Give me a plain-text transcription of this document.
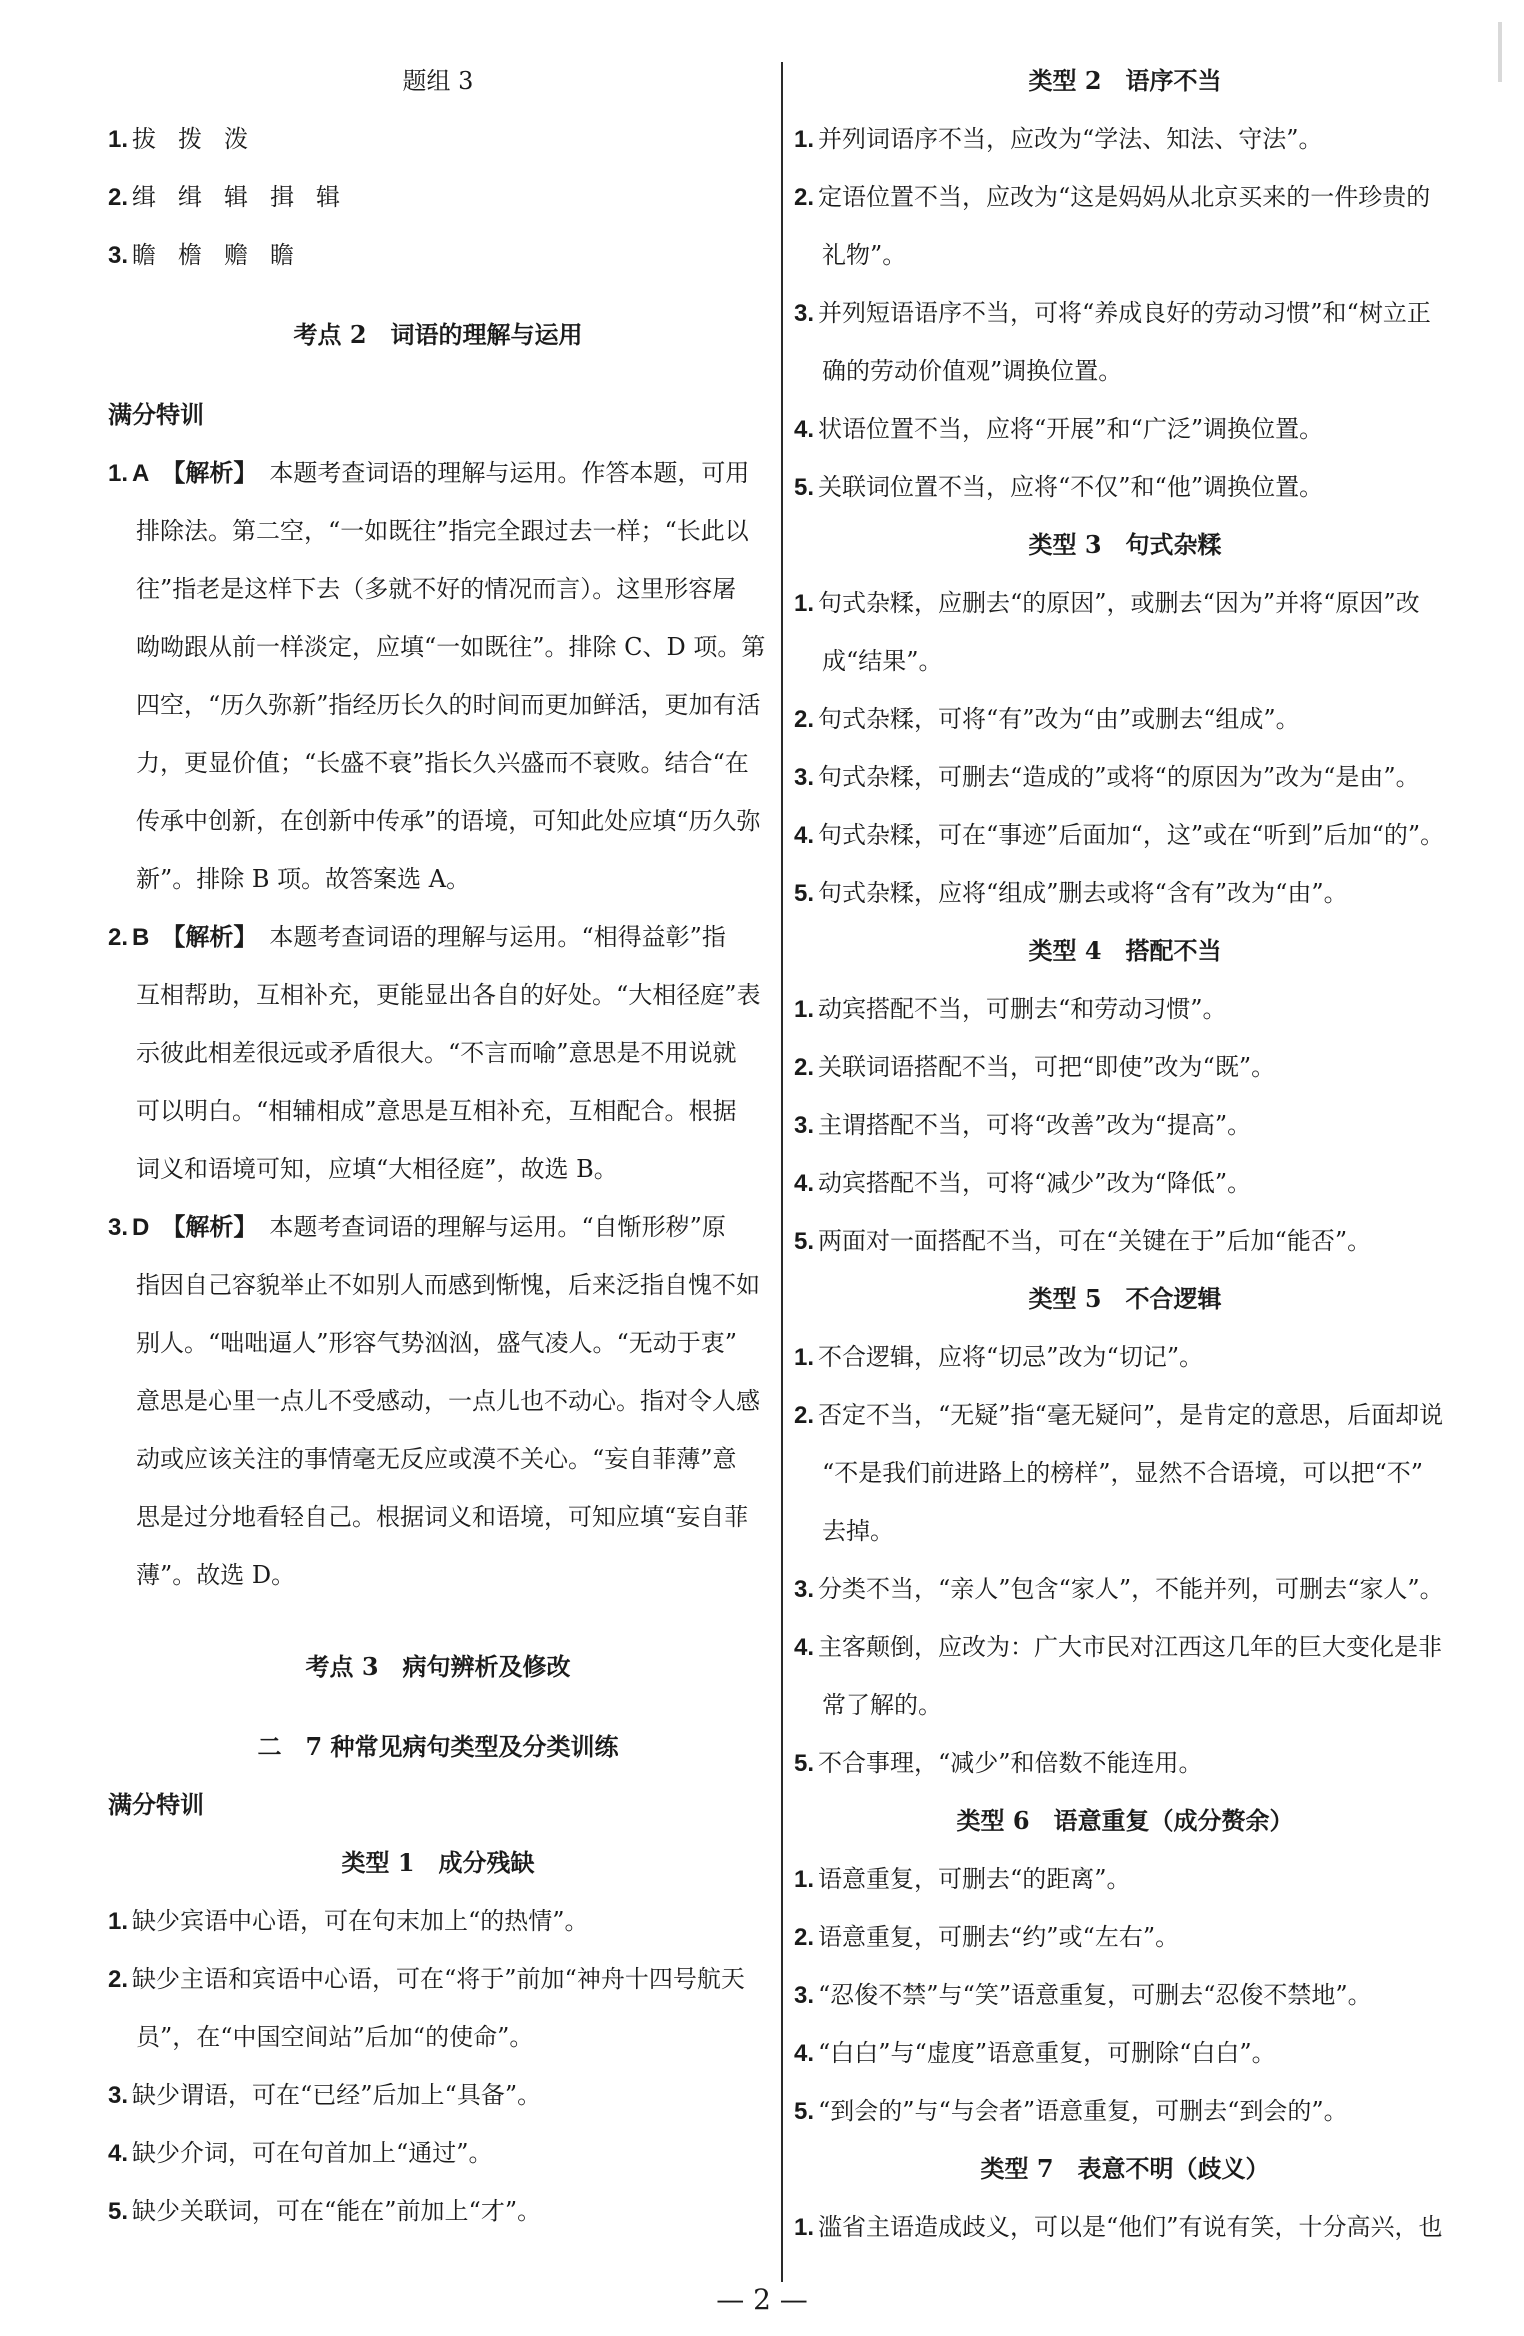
题组 3
1. 拔 拨 泼
2. 缉 缉 辑 揖 辑
3. 瞻 檐 赡 瞻
考点 2　词语的理解与运用
满分特训
1. A 【解析】 本题考查词语的理解与运用。作答本题，可用
排除法。第二空，“一如既往”指完全跟过去一样；“长此以
往”指老是这样下去（多就不好的情况而言）。这里形容屠
呦呦跟从前一样淡定，应填“一如既往”。排除 C、D 项。第
四空，“历久弥新”指经历长久的时间而更加鲜活，更加有活
力，更显价值；“长盛不衰”指长久兴盛而不衰败。结合“在
传承中创新，在创新中传承”的语境，可知此处应填“历久弥
新”。排除 B 项。故答案选 A。
2. B 【解析】 本题考查词语的理解与运用。“相得益彰”指
互相帮助，互相补充，更能显出各自的好处。“大相径庭”表
示彼此相差很远或矛盾很大。“不言而喻”意思是不用说就
可以明白。“相辅相成”意思是互相补充，互相配合。根据
词义和语境可知，应填“大相径庭”，故选 B。
3. D 【解析】 本题考查词语的理解与运用。“自惭形秽”原
指因自己容貌举止不如别人而感到惭愧，后来泛指自愧不如
别人。“咄咄逼人”形容气势汹汹，盛气凌人。“无动于衷”
意思是心里一点儿不受感动，一点儿也不动心。指对令人感
动或应该关注的事情毫无反应或漠不关心。“妄自菲薄”意
思是过分地看轻自己。根据词义和语境，可知应填“妄自菲
薄”。故选 D。
考点 3　病句辨析及修改
二　7 种常见病句类型及分类训练
满分特训
类型 1　成分残缺
1. 缺少宾语中心语，可在句末加上“的热情”。
2. 缺少主语和宾语中心语，可在“将于”前加“神舟十四号航天
员”，在“中国空间站”后加“的使命”。
3. 缺少谓语，可在“已经”后加上“具备”。
4. 缺少介词，可在句首加上“通过”。
5. 缺少关联词，可在“能在”前加上“才”。
类型 2　语序不当
1. 并列词语序不当，应改为“学法、知法、守法”。
2. 定语位置不当，应改为“这是妈妈从北京买来的一件珍贵的
礼物”。
3. 并列短语语序不当，可将“养成良好的劳动习惯”和“树立正
确的劳动价值观”调换位置。
4. 状语位置不当，应将“开展”和“广泛”调换位置。
5. 关联词位置不当，应将“不仅”和“他”调换位置。
类型 3　句式杂糅
1. 句式杂糅，应删去“的原因”，或删去“因为”并将“原因”改
成“结果”。
2. 句式杂糅，可将“有”改为“由”或删去“组成”。
3. 句式杂糅，可删去“造成的”或将“的原因为”改为“是由”。
4. 句式杂糅，可在“事迹”后面加“，这”或在“听到”后加“的”。
5. 句式杂糅，应将“组成”删去或将“含有”改为“由”。
类型 4　搭配不当
1. 动宾搭配不当，可删去“和劳动习惯”。
2. 关联词语搭配不当，可把“即使”改为“既”。
3. 主谓搭配不当，可将“改善”改为“提高”。
4. 动宾搭配不当，可将“减少”改为“降低”。
5. 两面对一面搭配不当，可在“关键在于”后加“能否”。
类型 5　不合逻辑
1. 不合逻辑，应将“切忌”改为“切记”。
2. 否定不当，“无疑”指“毫无疑问”，是肯定的意思，后面却说
“不是我们前进路上的榜样”，显然不合语境，可以把“不”
去掉。
3. 分类不当，“亲人”包含“家人”，不能并列，可删去“家人”。
4. 主客颠倒，应改为：广大市民对江西这几年的巨大变化是非
常了解的。
5. 不合事理，“减少”和倍数不能连用。
类型 6　语意重复（成分赘余）
1. 语意重复，可删去“的距离”。
2. 语意重复，可删去“约”或“左右”。
3. “忍俊不禁”与“笑”语意重复，可删去“忍俊不禁地”。
4. “白白”与“虚度”语意重复，可删除“白白”。
5. “到会的”与“与会者”语意重复，可删去“到会的”。
类型 7　表意不明（歧义）
1. 滥省主语造成歧义，可以是“他们”有说有笑，十分高兴，也
— 2 —
